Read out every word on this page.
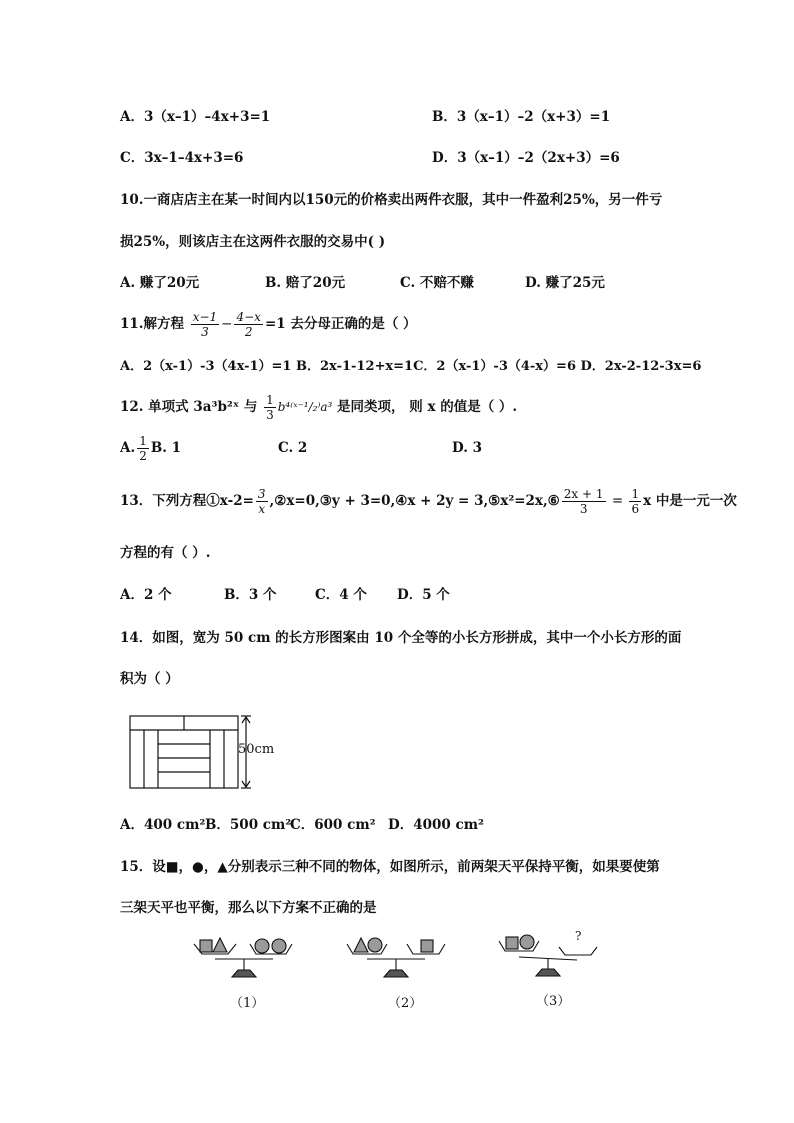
A．3（x–1）–4x+3=1	B．3（x–1）–2（x+3）=1
C．3x–1–4x+3=6	D．3（x–1）–2（2x+3）=6
10.一商店店主在某一时间内以150元的价格卖出两件衣服，其中一件盈利25%，另一件亏
损25%，则该店主在这两件衣服的交易中( )
A. 赚了20元	B. 赔了20元	C. 不赔不赚	D. 赚了25元
11.解方程 $\frac{x-1}{3} - \frac{4-x}{2} =1$ 去分母正确的是（ ）
A．2（x-1）-3（4x-1）=1 B．2x-1-12+x=1C．2（x-1）-3（4-x）=6 D．2x-2-12-3x=6
12. 单项式 3a³b²ˣ 与 $\frac{1}{3}$ b⁴⁽ˣ⁻¹/₂⁾a³ 是同类项， 则 x 的值是（ ）.
A. $\frac{1}{2} B$. 1	C. 2	D. 3
13．下列方程①x-2= $\frac{3}{x}$ ,②x=0,③y + 3=0,④x + 2y = 3,⑤x²=2x,⑥ $\frac{2x + 1}{3} = \frac{1}{6}$ x 中是一元一次
方程的有（ ）.
A．2 个	B．3 个	C．4 个 D．5 个
14．如图，宽为 50 cm 的长方形图案由 10 个全等的小长方形拼成，其中一个小长方形的面
积为（ ）
50cm
A．400 cm² B．500 cm²
C．600 cm² D．4000 cm²
15．设■，●，▲分别表示三种不同的物体，如图所示，前两架天平保持平衡，如果要使第
三架天平也平衡，那么以下方案不正确的是
（1）	（2）
?
（3）
